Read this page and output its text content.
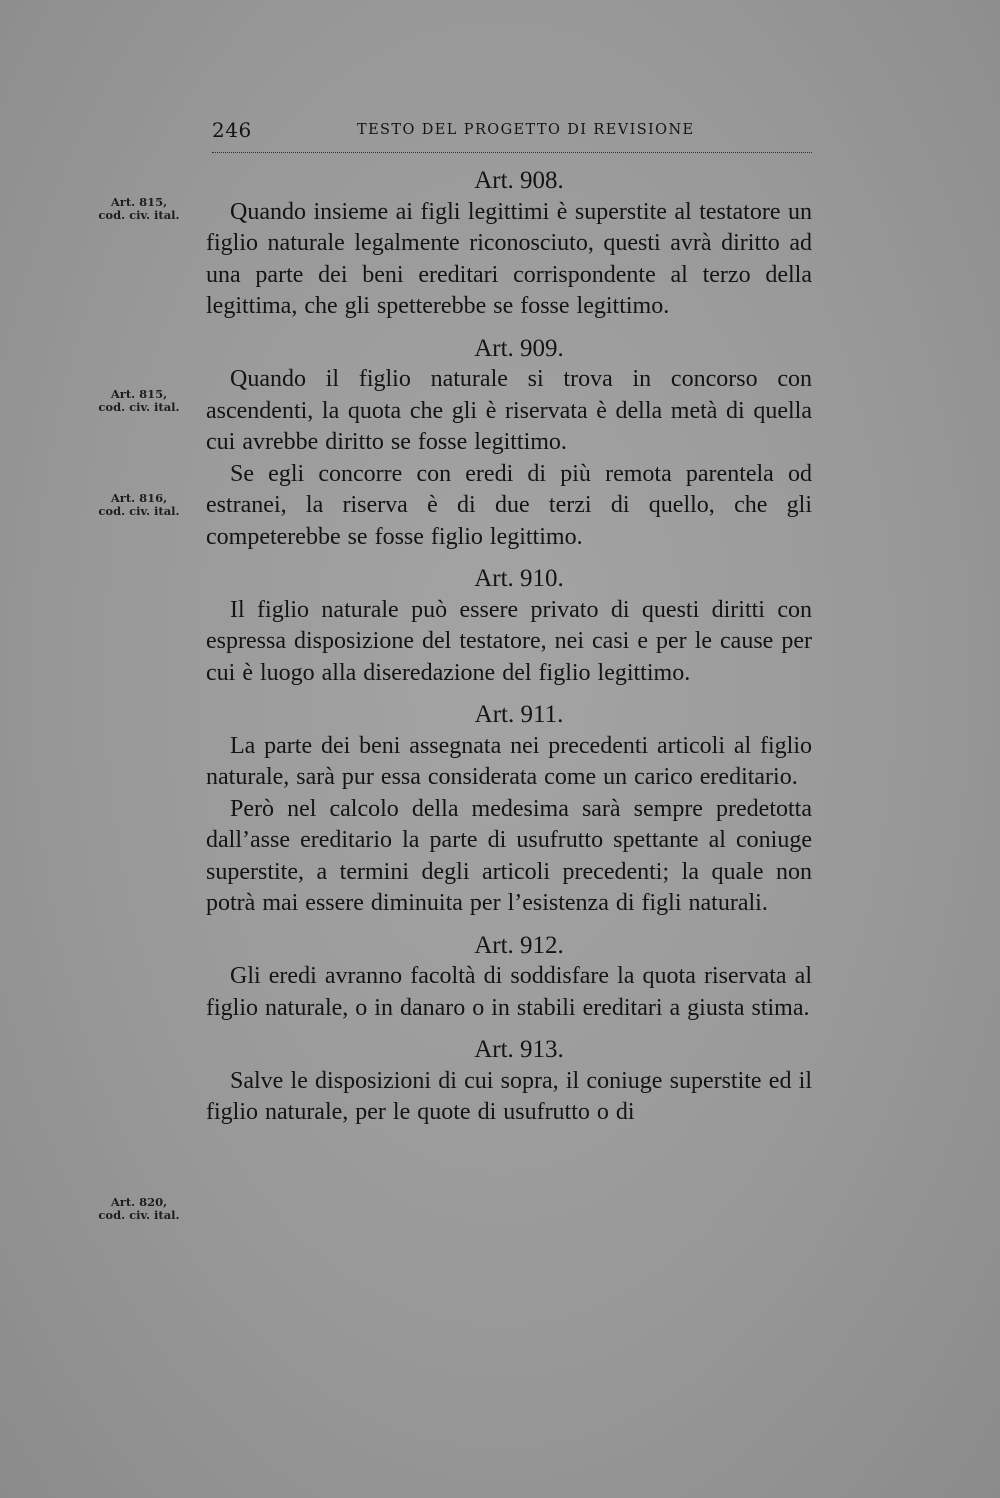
246	TESTO DEL PROGETTO DI REVISIONE
Art. 815,
cod. civ. ital.
Art. 815,
cod. civ. ital.
Art. 816,
cod. civ. ital.
Art. 820,
cod. civ. ital.
Art. 908.

Quando insieme ai figli legittimi è superstite al testatore un figlio naturale legalmente riconosciuto, questi avrà diritto ad una parte dei beni ereditari corrispondente al terzo della legittima, che gli spetterebbe se fosse legittimo.

Art. 909.

Quando il figlio naturale si trova in concorso con ascendenti, la quota che gli è riservata è della metà di quella cui avrebbe diritto se fosse legittimo.

Se egli concorre con eredi di più remota parentela od estranei, la riserva è di due terzi di quello, che gli competerebbe se fosse figlio legittimo.

Art. 910.

Il figlio naturale può essere privato di questi diritti con espressa disposizione del testatore, nei casi e per le cause per cui è luogo alla diseredazione del figlio legittimo.

Art. 911.

La parte dei beni assegnata nei precedenti articoli al figlio naturale, sarà pur essa considerata come un carico ereditario.

Però nel calcolo della medesima sarà sempre predetotta dall’asse ereditario la parte di usufrutto spettante al coniuge superstite, a termini degli articoli precedenti; la quale non potrà mai essere diminuita per l’esistenza di figli naturali.

Art. 912.

Gli eredi avranno facoltà di soddisfare la quota riservata al figlio naturale, o in danaro o in stabili ereditari a giusta stima.

Art. 913.

Salve le disposizioni di cui sopra, il coniuge superstite ed il figlio naturale, per le quote di usufrutto o di
